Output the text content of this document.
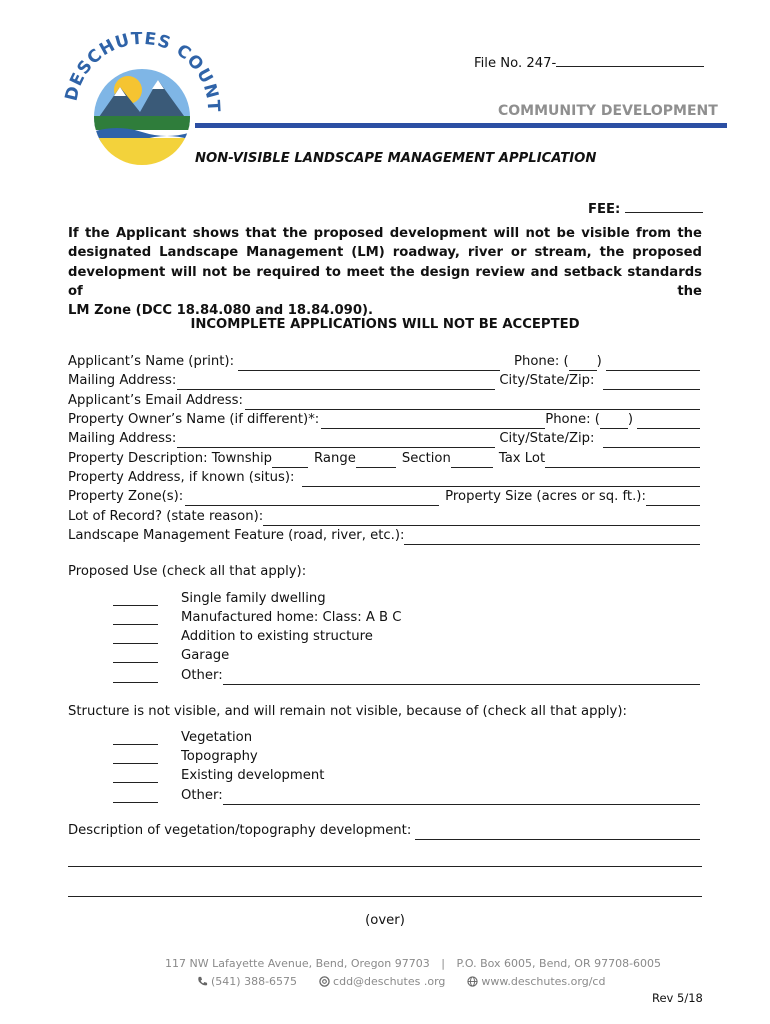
DESCHUTES COUNT
File No. 247-
COMMUNITY DEVELOPMENT
NON-VISIBLE LANDSCAPE MANAGEMENT APPLICATION
FEE:
If the Applicant shows that the proposed development will not be visible from the
designated Landscape Management (LM) roadway, river or stream, the proposed
development will not be required to meet the design review and setback standards of the
LM Zone (DCC 18.84.080 and 18.84.090).
INCOMPLETE APPLICATIONS WILL NOT BE ACCEPTED
Applicant’s Name (print):	Phone: ( )
Mailing Address:	City/State/Zip:
Applicant’s Email Address:
Property Owner’s Name (if different)*:	Phone: ( )
Mailing Address:	City/State/Zip:
Property Description: Township	Range	Section	Tax Lot
Property Address, if known (situs):
Property Zone(s):	Property Size (acres or sq. ft.):
Lot of Record? (state reason):
Landscape Management Feature (road, river, etc.):
Proposed Use (check all that apply):
Single family dwelling
Manufactured home: Class: A B C
Addition to existing structure
Garage
Other:
Structure is not visible, and will remain not visible, because of (check all that apply):
Vegetation
Topography
Existing development
Other:
Description of vegetation/topography development:
(over)
117 NW Lafayette Avenue, Bend, Oregon 97703 | P.O. Box 6005, Bend, OR 97708-6005
(541) 388-6575	cdd@deschutes .org	www.deschutes.org/cd
Rev 5/18
